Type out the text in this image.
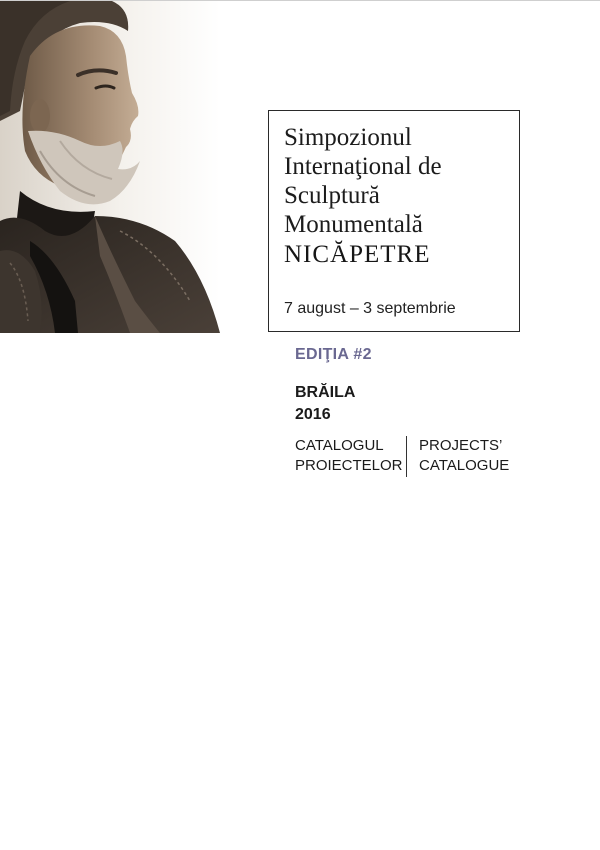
Simpozionul
Internaţional de
Sculptură
Monumentală
NICĂPETRE
7 august – 3 septembrie
EDIŢIA #2
BRĂILA
2016
CATALOGUL
PROIECTELOR
PROJECTS’
CATALOGUE
